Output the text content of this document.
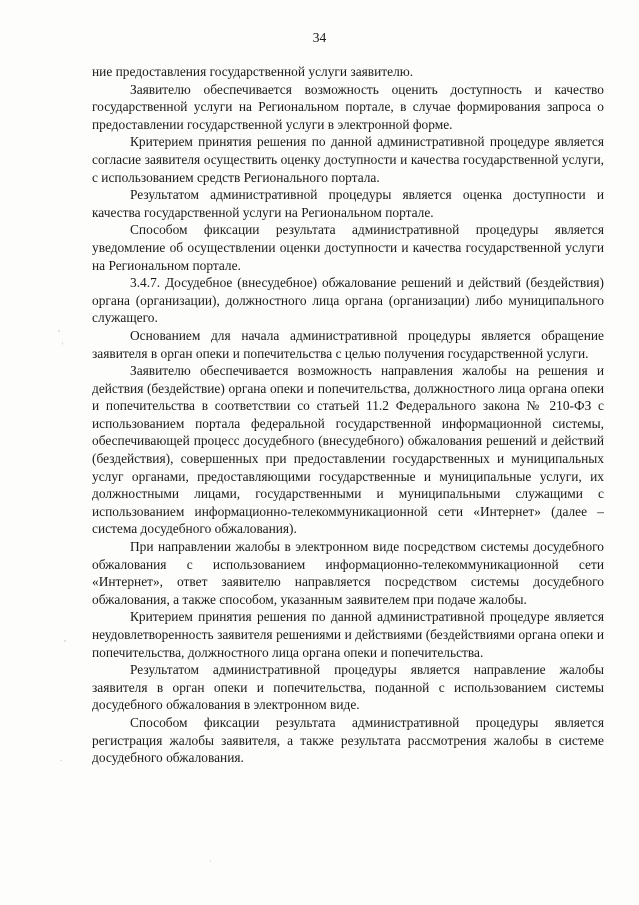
34

ние предоставления государственной услуги заявителю.

Заявителю обеспечивается возможность оценить доступность и качество государственной услуги на Региональном портале, в случае формирования запроса о предоставлении государственной услуги в электронной форме.

Критерием принятия решения по данной административной процедуре является согласие заявителя осуществить оценку доступности и качества государственной услуги, с использованием средств Регионального портала.

Результатом административной процедуры является оценка доступности и качества государственной услуги на Региональном портале.

Способом фиксации результата административной процедуры является уведомление об осуществлении оценки доступности и качества государственной услуги на Региональном портале.

3.4.7. Досудебное (внесудебное) обжалование решений и действий (бездействия) органа (организации), должностного лица органа (организации) либо муниципального служащего.

Основанием для начала административной процедуры является обращение заявителя в орган опеки и попечительства с целью получения государственной услуги.

Заявителю обеспечивается возможность направления жалобы на решения и действия (бездействие) органа опеки и попечительства, должностного лица органа опеки и попечительства в соответствии со статьей 11.2 Федерального закона № 210-ФЗ с использованием портала федеральной государственной информационной системы, обеспечивающей процесс досудебного (внесудебного) обжалования решений и действий (бездействия), совершенных при предоставлении государственных и муниципальных услуг органами, предоставляющими государственные и муниципальные услуги, их должностными лицами, государственными и муниципальными служащими с использованием информационно-телекоммуникационной сети «Интернет» (далее – система досудебного обжалования).

При направлении жалобы в электронном виде посредством системы досудебного обжалования с использованием информационно-телекоммуникационной сети «Интернет», ответ заявителю направляется посредством системы досудебного обжалования, а также способом, указанным заявителем при подаче жалобы.

Критерием принятия решения по данной административной процедуре является неудовлетворенность заявителя решениями и действиями (бездействиями органа опеки и попечительства, должностного лица органа опеки и попечительства.

Результатом административной процедуры является направление жалобы заявителя в орган опеки и попечительства, поданной с использованием системы досудебного обжалования в электронном виде.

Способом фиксации результата административной процедуры является регистрация жалобы заявителя, а также результата рассмотрения жалобы в системе досудебного обжалования.
